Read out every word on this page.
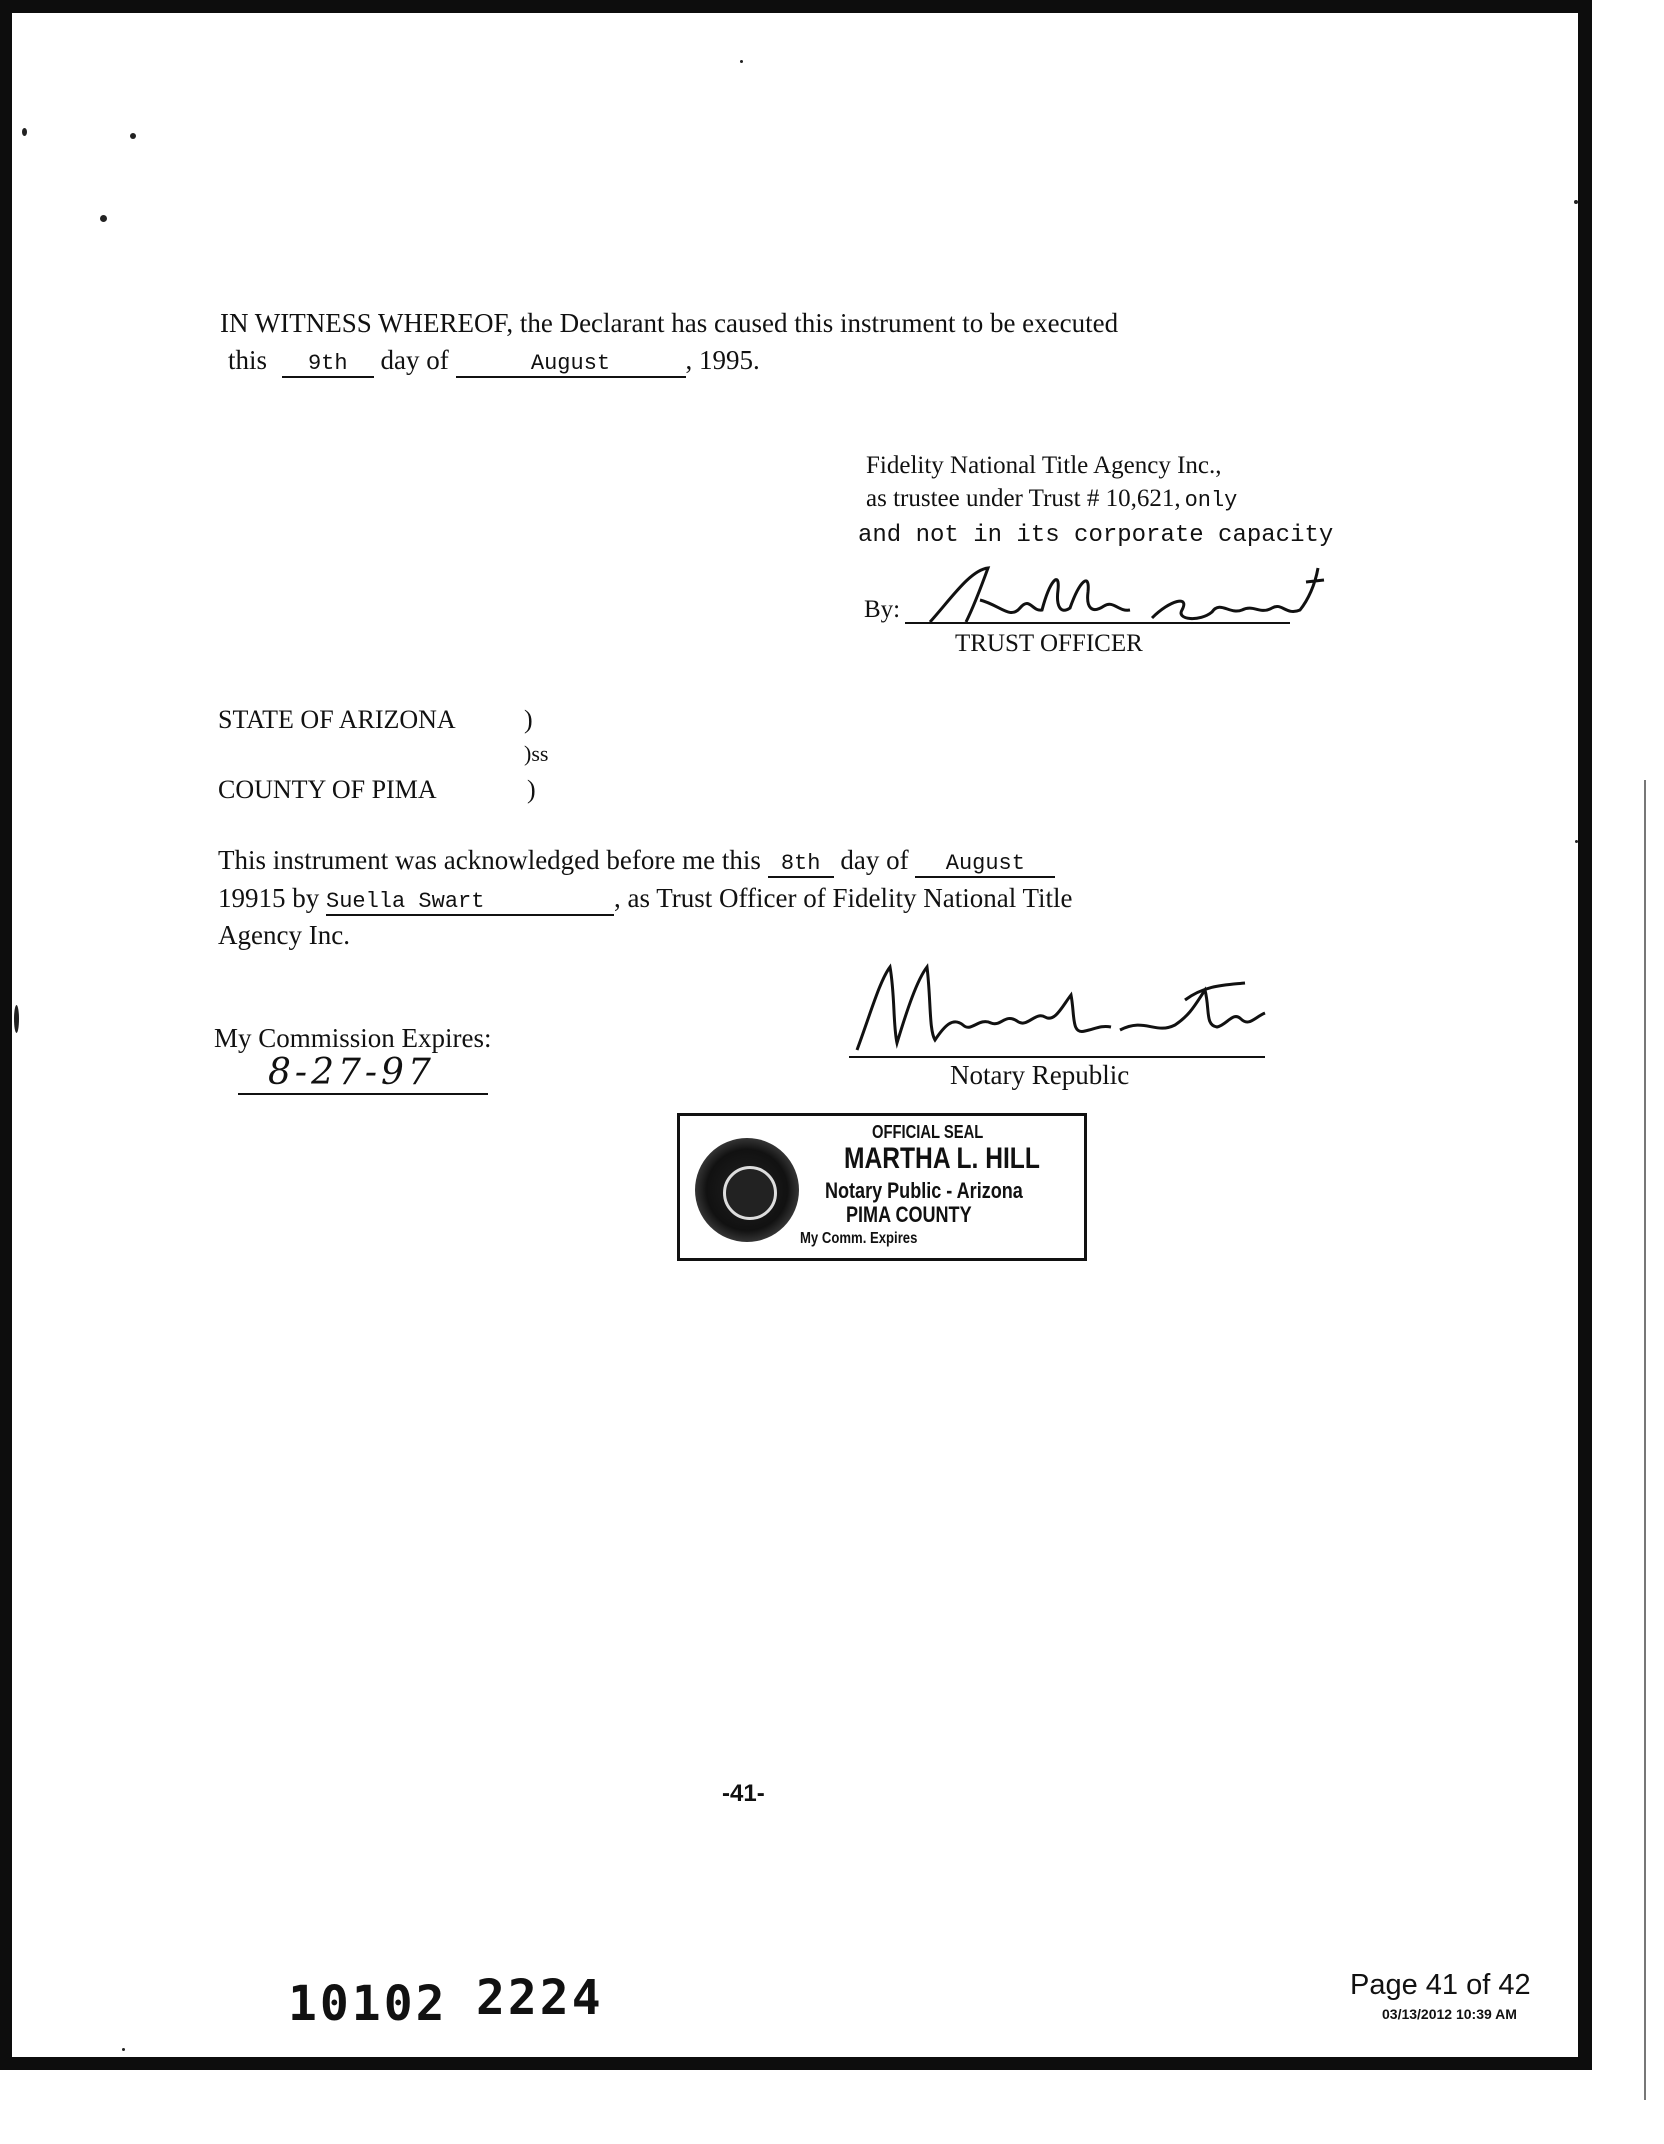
IN WITNESS WHEREOF, the Declarant has caused this instrument to be executed
this 9th day of	August	, 1995.
Fidelity National Title Agency Inc.,
as trustee under Trust # 10,621, only
and not in its corporate capacity
By:
TRUST OFFICER
STATE OF ARIZONA	)
)ss
COUNTY OF PIMA	)
This instrument was acknowledged before me this 8th day of August
19915 by Suella Swart	, as Trust Officer of Fidelity National Title
Agency Inc.
My Commission Expires:
8-27-97	Notary Republic
OFFICIAL SEAL
MARTHA L. HILL
Notary Public - Arizona
PIMA COUNTY
My Comm. Expires
-41-
10102 2224	Page 41 of 42
03/13/2012 10:39 AM
